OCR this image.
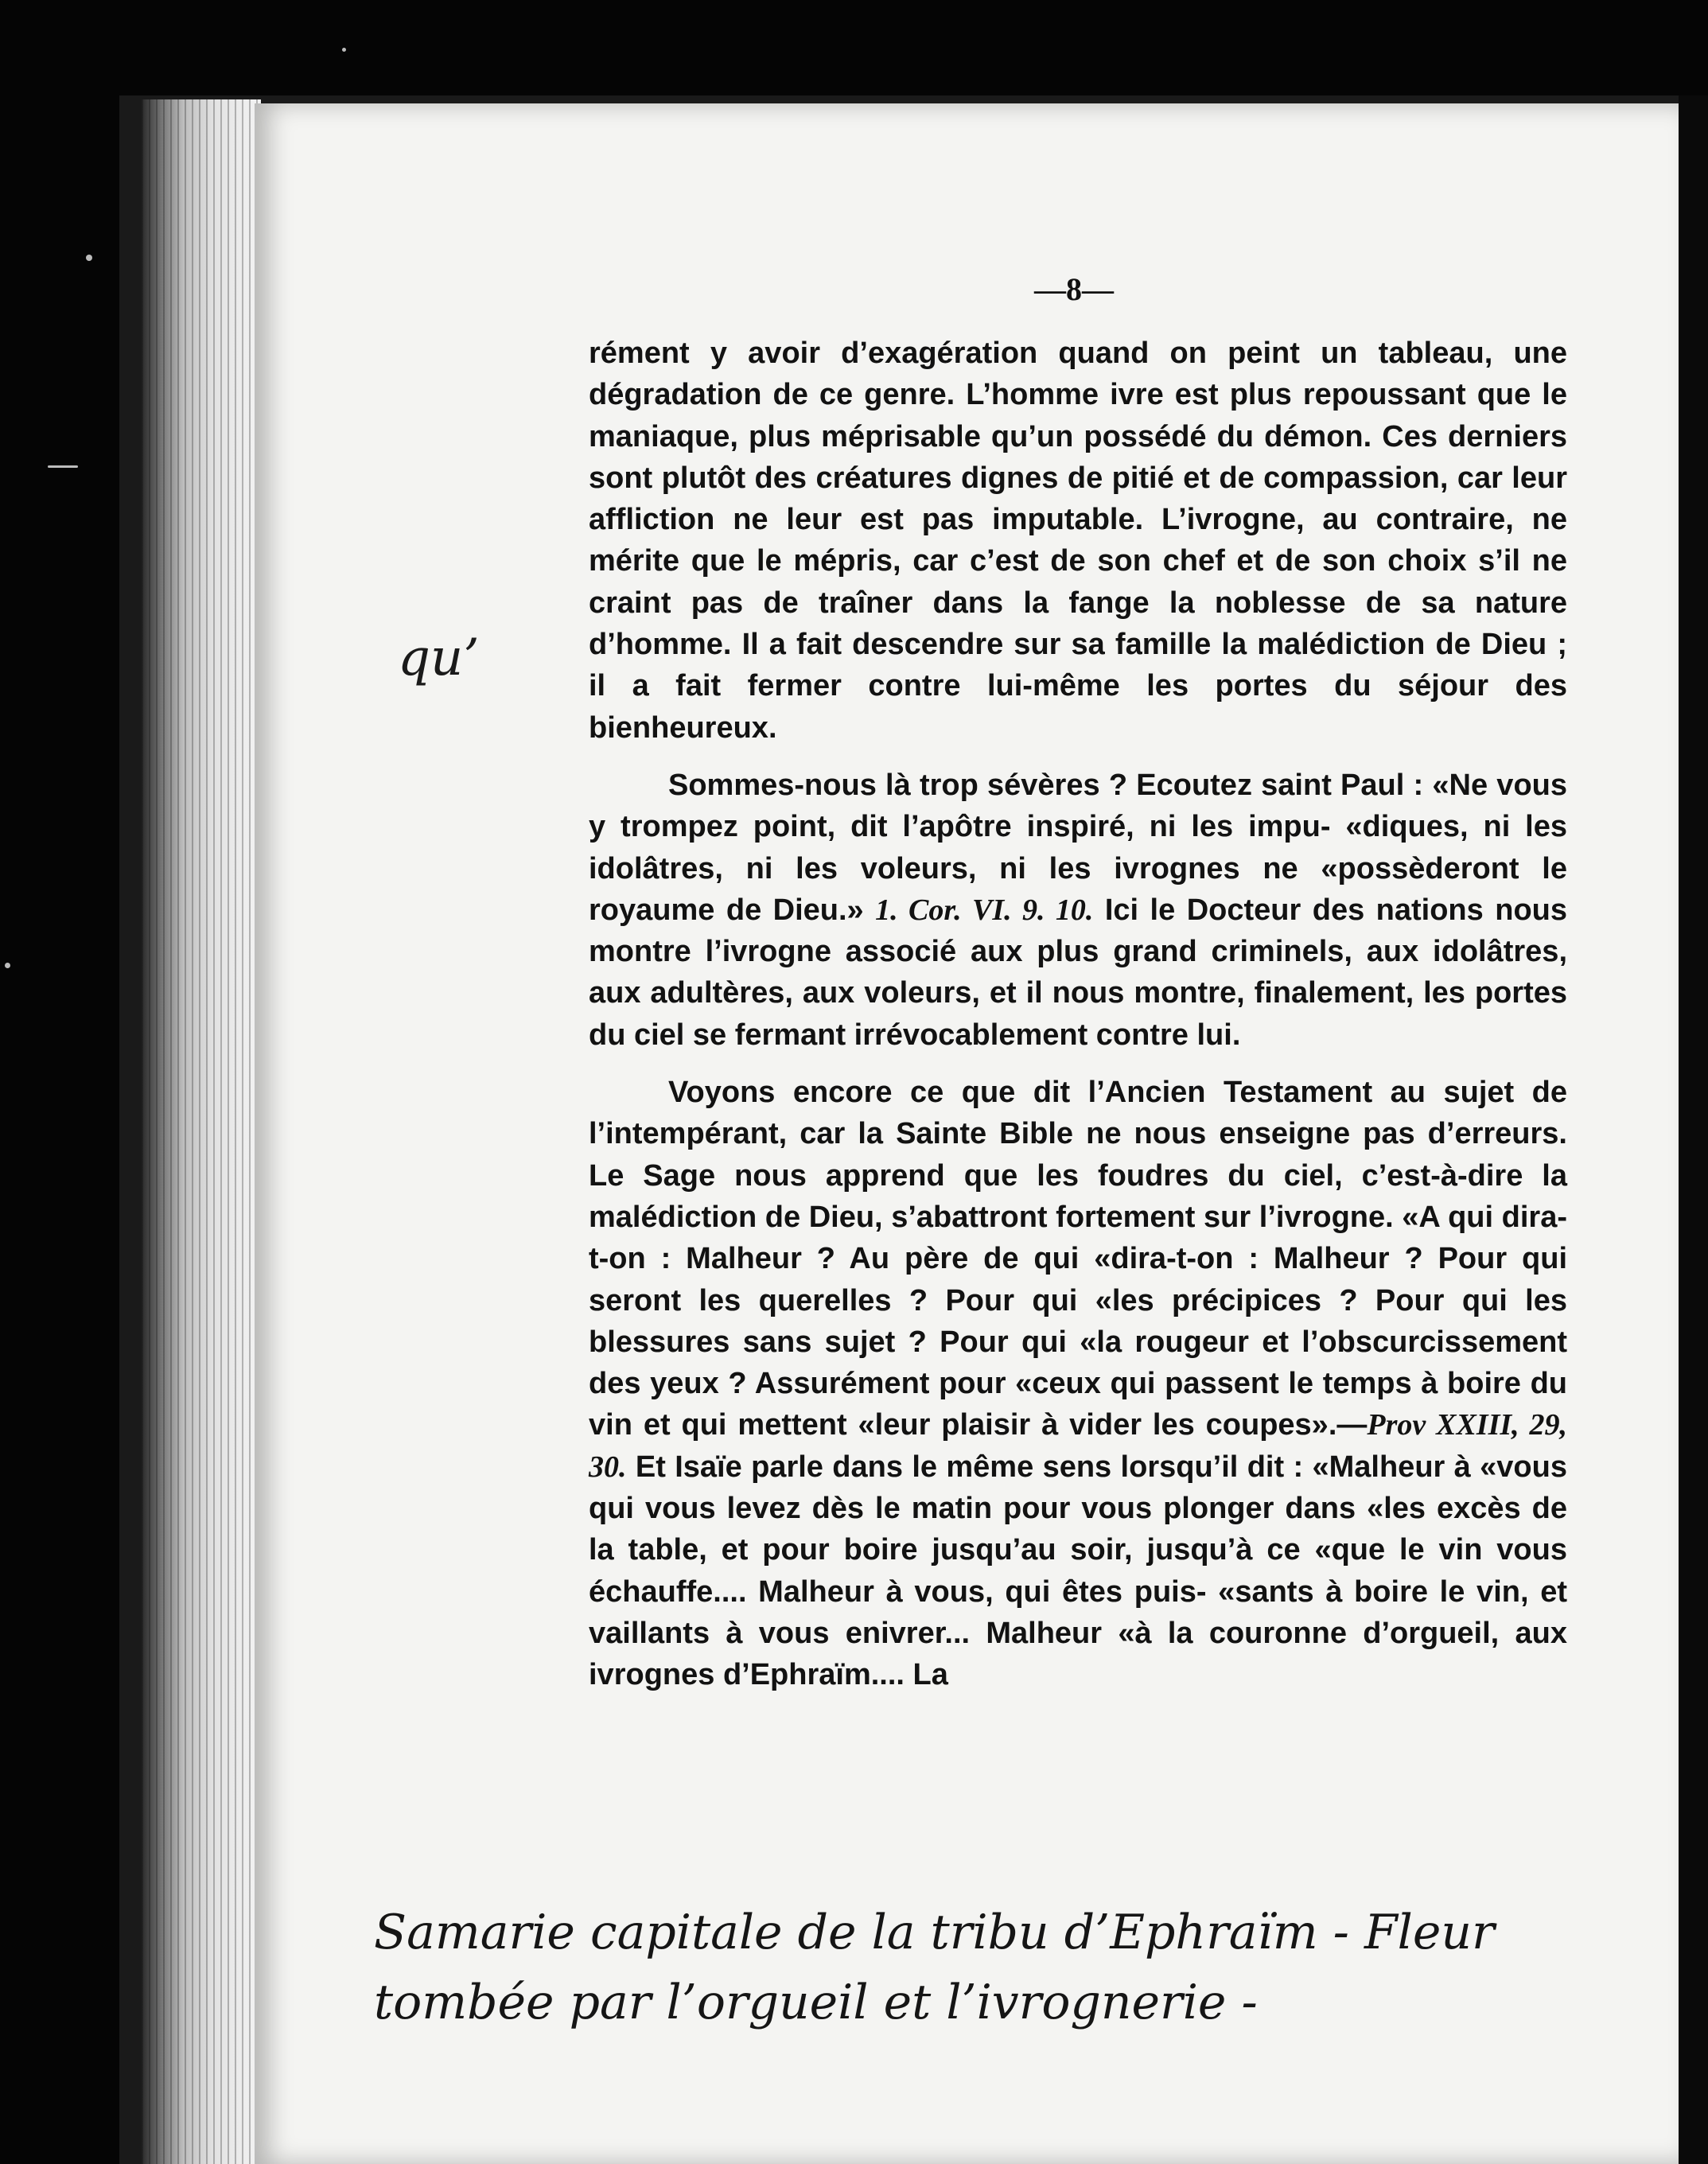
—8—

rément y avoir d’exagération quand on peint un tableau, une dégradation de ce genre. L’homme ivre est plus repoussant que le maniaque, plus méprisable qu’un possédé du démon. Ces derniers sont plutôt des créatures dignes de pitié et de compassion, car leur affliction ne leur est pas imputable. L’ivrogne, au contraire, ne mérite que le mépris, car c’est de son chef et de son choix s’il ne craint pas de traîner dans la fange la noblesse de sa nature d’homme. Il a fait descendre sur sa famille la malédiction de Dieu ; il a fait fermer contre lui-même les portes du séjour des bienheureux.

Sommes-nous là trop sévères ? Ecoutez saint Paul : «Ne vous y trompez point, dit l’apôtre inspiré, ni les impu- «diques, ni les idolâtres, ni les voleurs, ni les ivrognes ne «possèderont le royaume de Dieu.» 1. Cor. VI. 9. 10. Ici le Docteur des nations nous montre l’ivrogne associé aux plus grand criminels, aux idolâtres, aux adultères, aux voleurs, et il nous montre, finalement, les portes du ciel se fermant irrévocablement contre lui.

Voyons encore ce que dit l’Ancien Testament au sujet de l’intempérant, car la Sainte Bible ne nous enseigne pas d’erreurs. Le Sage nous apprend que les foudres du ciel, c’est-à-dire la malédiction de Dieu, s’abattront fortement sur l’ivrogne. «A qui dira-t-on : Malheur ? Au père de qui «dira-t-on : Malheur ? Pour qui seront les querelles ? Pour qui «les précipices ? Pour qui les blessures sans sujet ? Pour qui «la rougeur et l’obscurcissement des yeux ? Assurément pour «ceux qui passent le temps à boire du vin et qui mettent «leur plaisir à vider les coupes».—Prov XXIII, 29, 30. Et Isaïe parle dans le même sens lorsqu’il dit : «Malheur à «vous qui vous levez dès le matin pour vous plonger dans «les excès de la table, et pour boire jusqu’au soir, jusqu’à ce «que le vin vous échauffe.... Malheur à vous, qui êtes puis- «sants à boire le vin, et vaillants à vous enivrer... Malheur «à la couronne d’orgueil, aux ivrognes d’Ephraïm.... La

qu’
Samarie capitale de la tribu d’Ephraïm - Fleur tombée par l’orgueil et l’ivrognerie -
